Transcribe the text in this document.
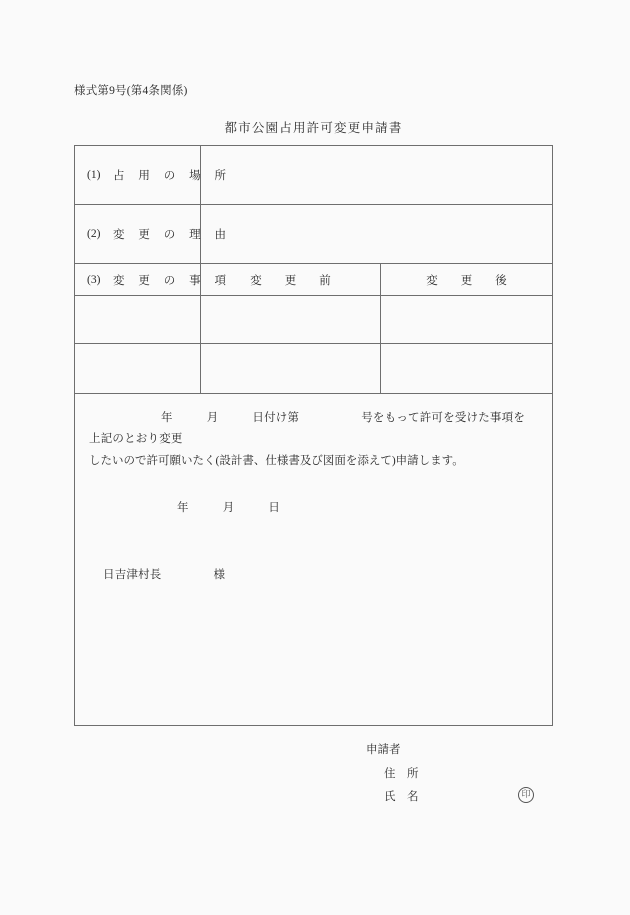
様式第9号(第4条関係)
都市公園占用許可変更申請書
(1)	占 用 の 場 所
(2)	変 更 の 理 由
(3)	変 更 の 事 項	変　　更　　前	変　　更　　後
年	月	日付け第	号をもって許可を受けた事項を上記のとおり変更
したいので許可願いたく(設計書、仕様書及び図面を添えて)申請します。
年	月	日
日吉津村長	様
申請者
住　所
氏　名	印
